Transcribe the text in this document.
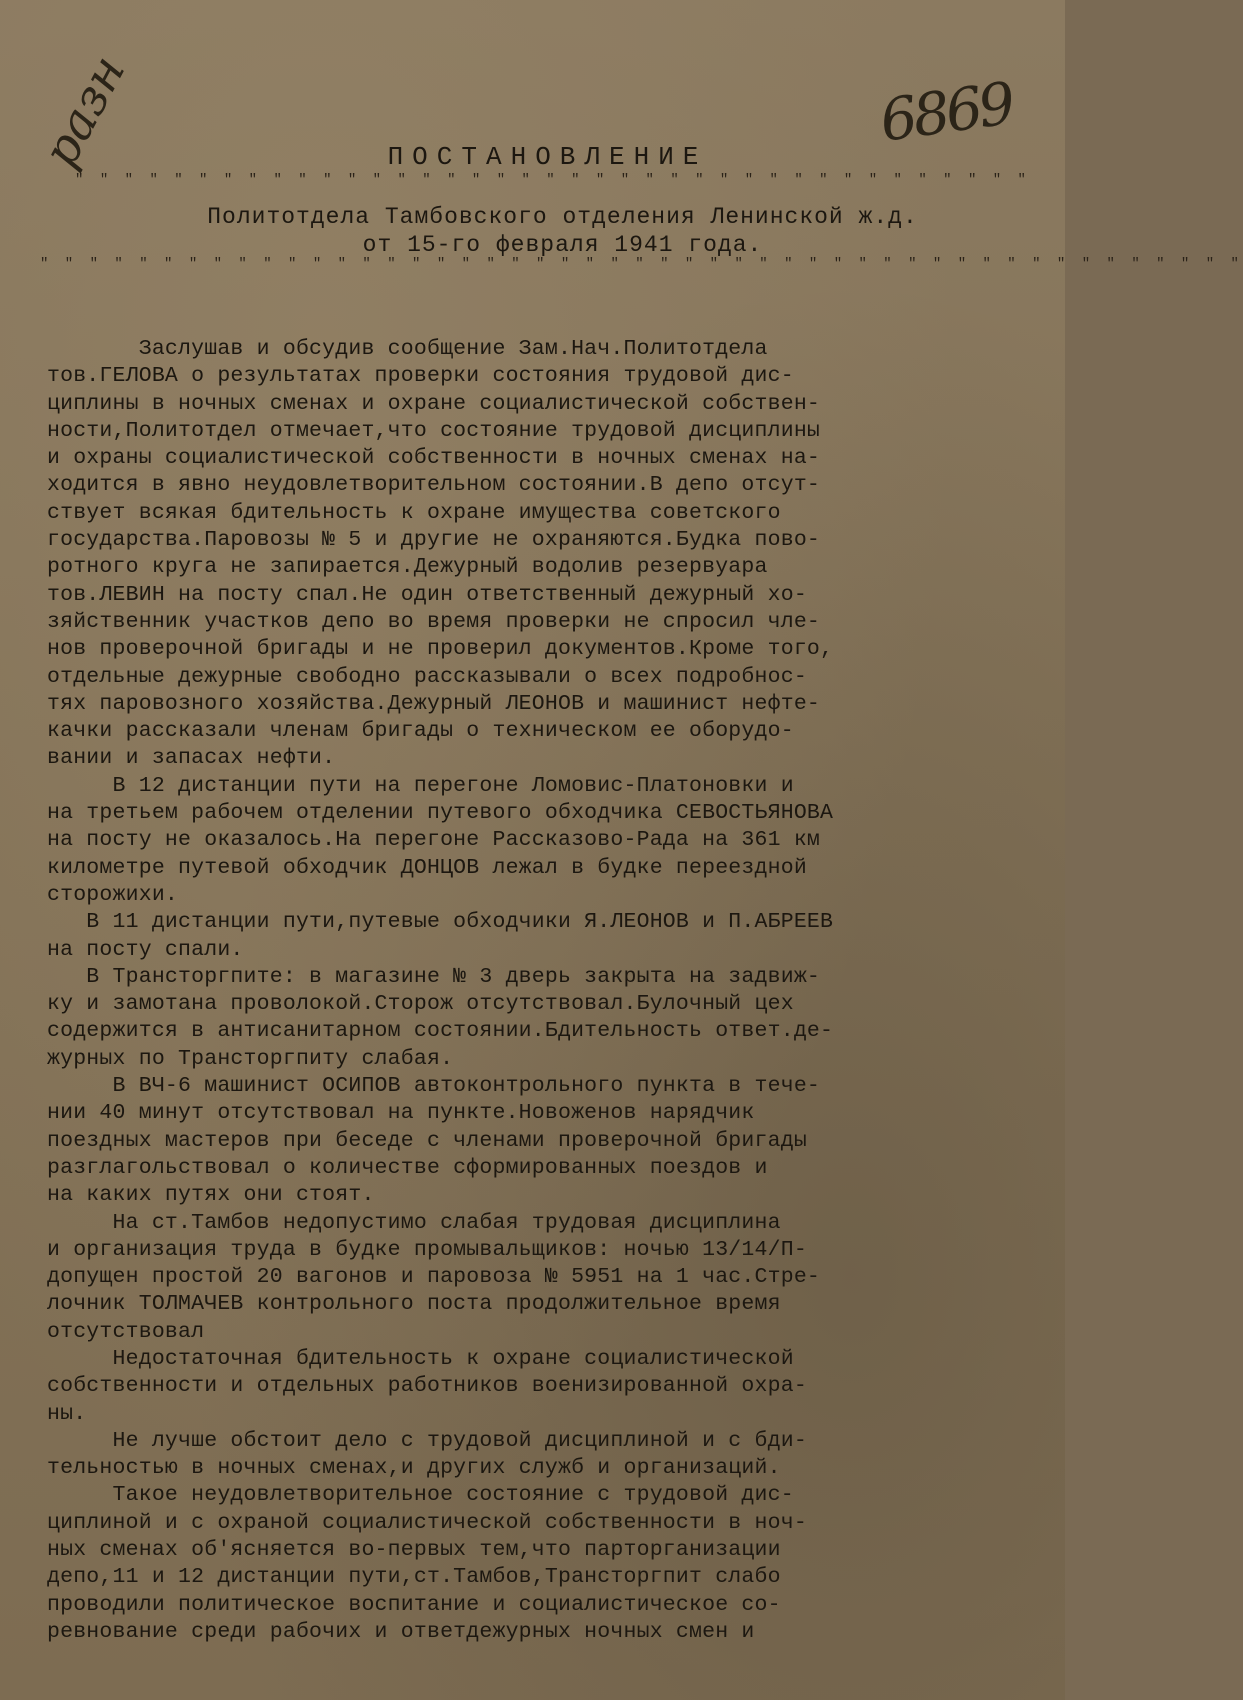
6869
разн	ПОСТАНОВЛЕНИЕ
" " " " " " " " " " " " " " " " " " " " " " " " " " " " " " " " " " " " " " "
Политотдела Тамбовского отделения Ленинской ж.д.
от 15-го февраля 1941 года.
" " " " " " " " " " " " " " " " " " " " " " " " " " " " " " " " " " " " " " " " " " " " " " " " "
Заслушав и обсудив сообщение Зам.Нач.Политотдела
тов.ГЕЛОВА о результатах проверки состояния трудовой дис-
циплины в ночных сменах и охране социалистической собствен-
ности,Политотдел отмечает,что состояние трудовой дисциплины
и охраны социалистической собственности в ночных сменах на-
ходится в явно неудовлетворительном состоянии.В депо отсут-
ствует всякая бдительность к охране имущества советского
государства.Паровозы № 5 и другие не охраняются.Будка пово-
ротного круга не запирается.Дежурный водолив резервуара
тов.ЛЕВИН на посту спал.Не один ответственный дежурный хо-
зяйственник участков депо во время проверки не спросил чле-
нов проверочной бригады и не проверил документов.Кроме того,
отдельные дежурные свободно рассказывали о всех подробнос-
тях паровозного хозяйства.Дежурный ЛЕОНОВ и машинист нефте-
качки рассказали членам бригады о техническом ее оборудо-
вании и запасах нефти.
В 12 дистанции пути на перегоне Ломовис-Платоновки и
на третьем рабочем отделении путевого обходчика СЕВОСТЬЯНОВА
на посту не оказалось.На перегоне Рассказово-Рада на 361 км
километре путевой обходчик ДОНЦОВ лежал в будке переездной
сторожихи.
В 11 дистанции пути,путевые обходчики Я.ЛЕОНОВ и П.АБРЕЕВ
на посту спали.
В Трансторгпите: в магазине № 3 дверь закрыта на задвиж-
ку и замотана проволокой.Сторож отсутствовал.Булочный цех
содержится в антисанитарном состоянии.Бдительность ответ.де-
журных по Трансторгпиту слабая.
В ВЧ-6 машинист ОСИПОВ автоконтрольного пункта в течe-
нии 40 минут отсутствовал на пункте.Новоженов нарядчик
поездных мастеров при беседе с членами проверочной бригады
разглагольствовал о количестве сформированных поездов и
на каких путях они стоят.
На ст.Тамбов недопустимо слабая трудовая дисциплина
и организация труда в будке промывальщиков: ночью 13/14/П-
допущен простой 20 вагонов и паровоза № 5951 на 1 час.Стре-
лочник ТОЛМАЧЕВ контрольного поста продолжительное время
отсутствовал
Недостаточная бдительность к охране социалистической
собственности и отдельных работников военизированной охра-
ны.
Не лучше обстоит дело с трудовой дисциплиной и с бди-
тельностью в ночных сменах,и других служб и организаций.
Такое неудовлетворительное состояние с трудовой дис-
циплиной и с охраной социалистической собственности в ноч-
ных сменах об'ясняется во-первых тем,что парторганизации
депо,11 и 12 дистанции пути,ст.Тамбов,Трансторгпит слабо
проводили политическое воспитание и социалистическое со-
ревнование среди рабочих и ответдежурных ночных смен и
